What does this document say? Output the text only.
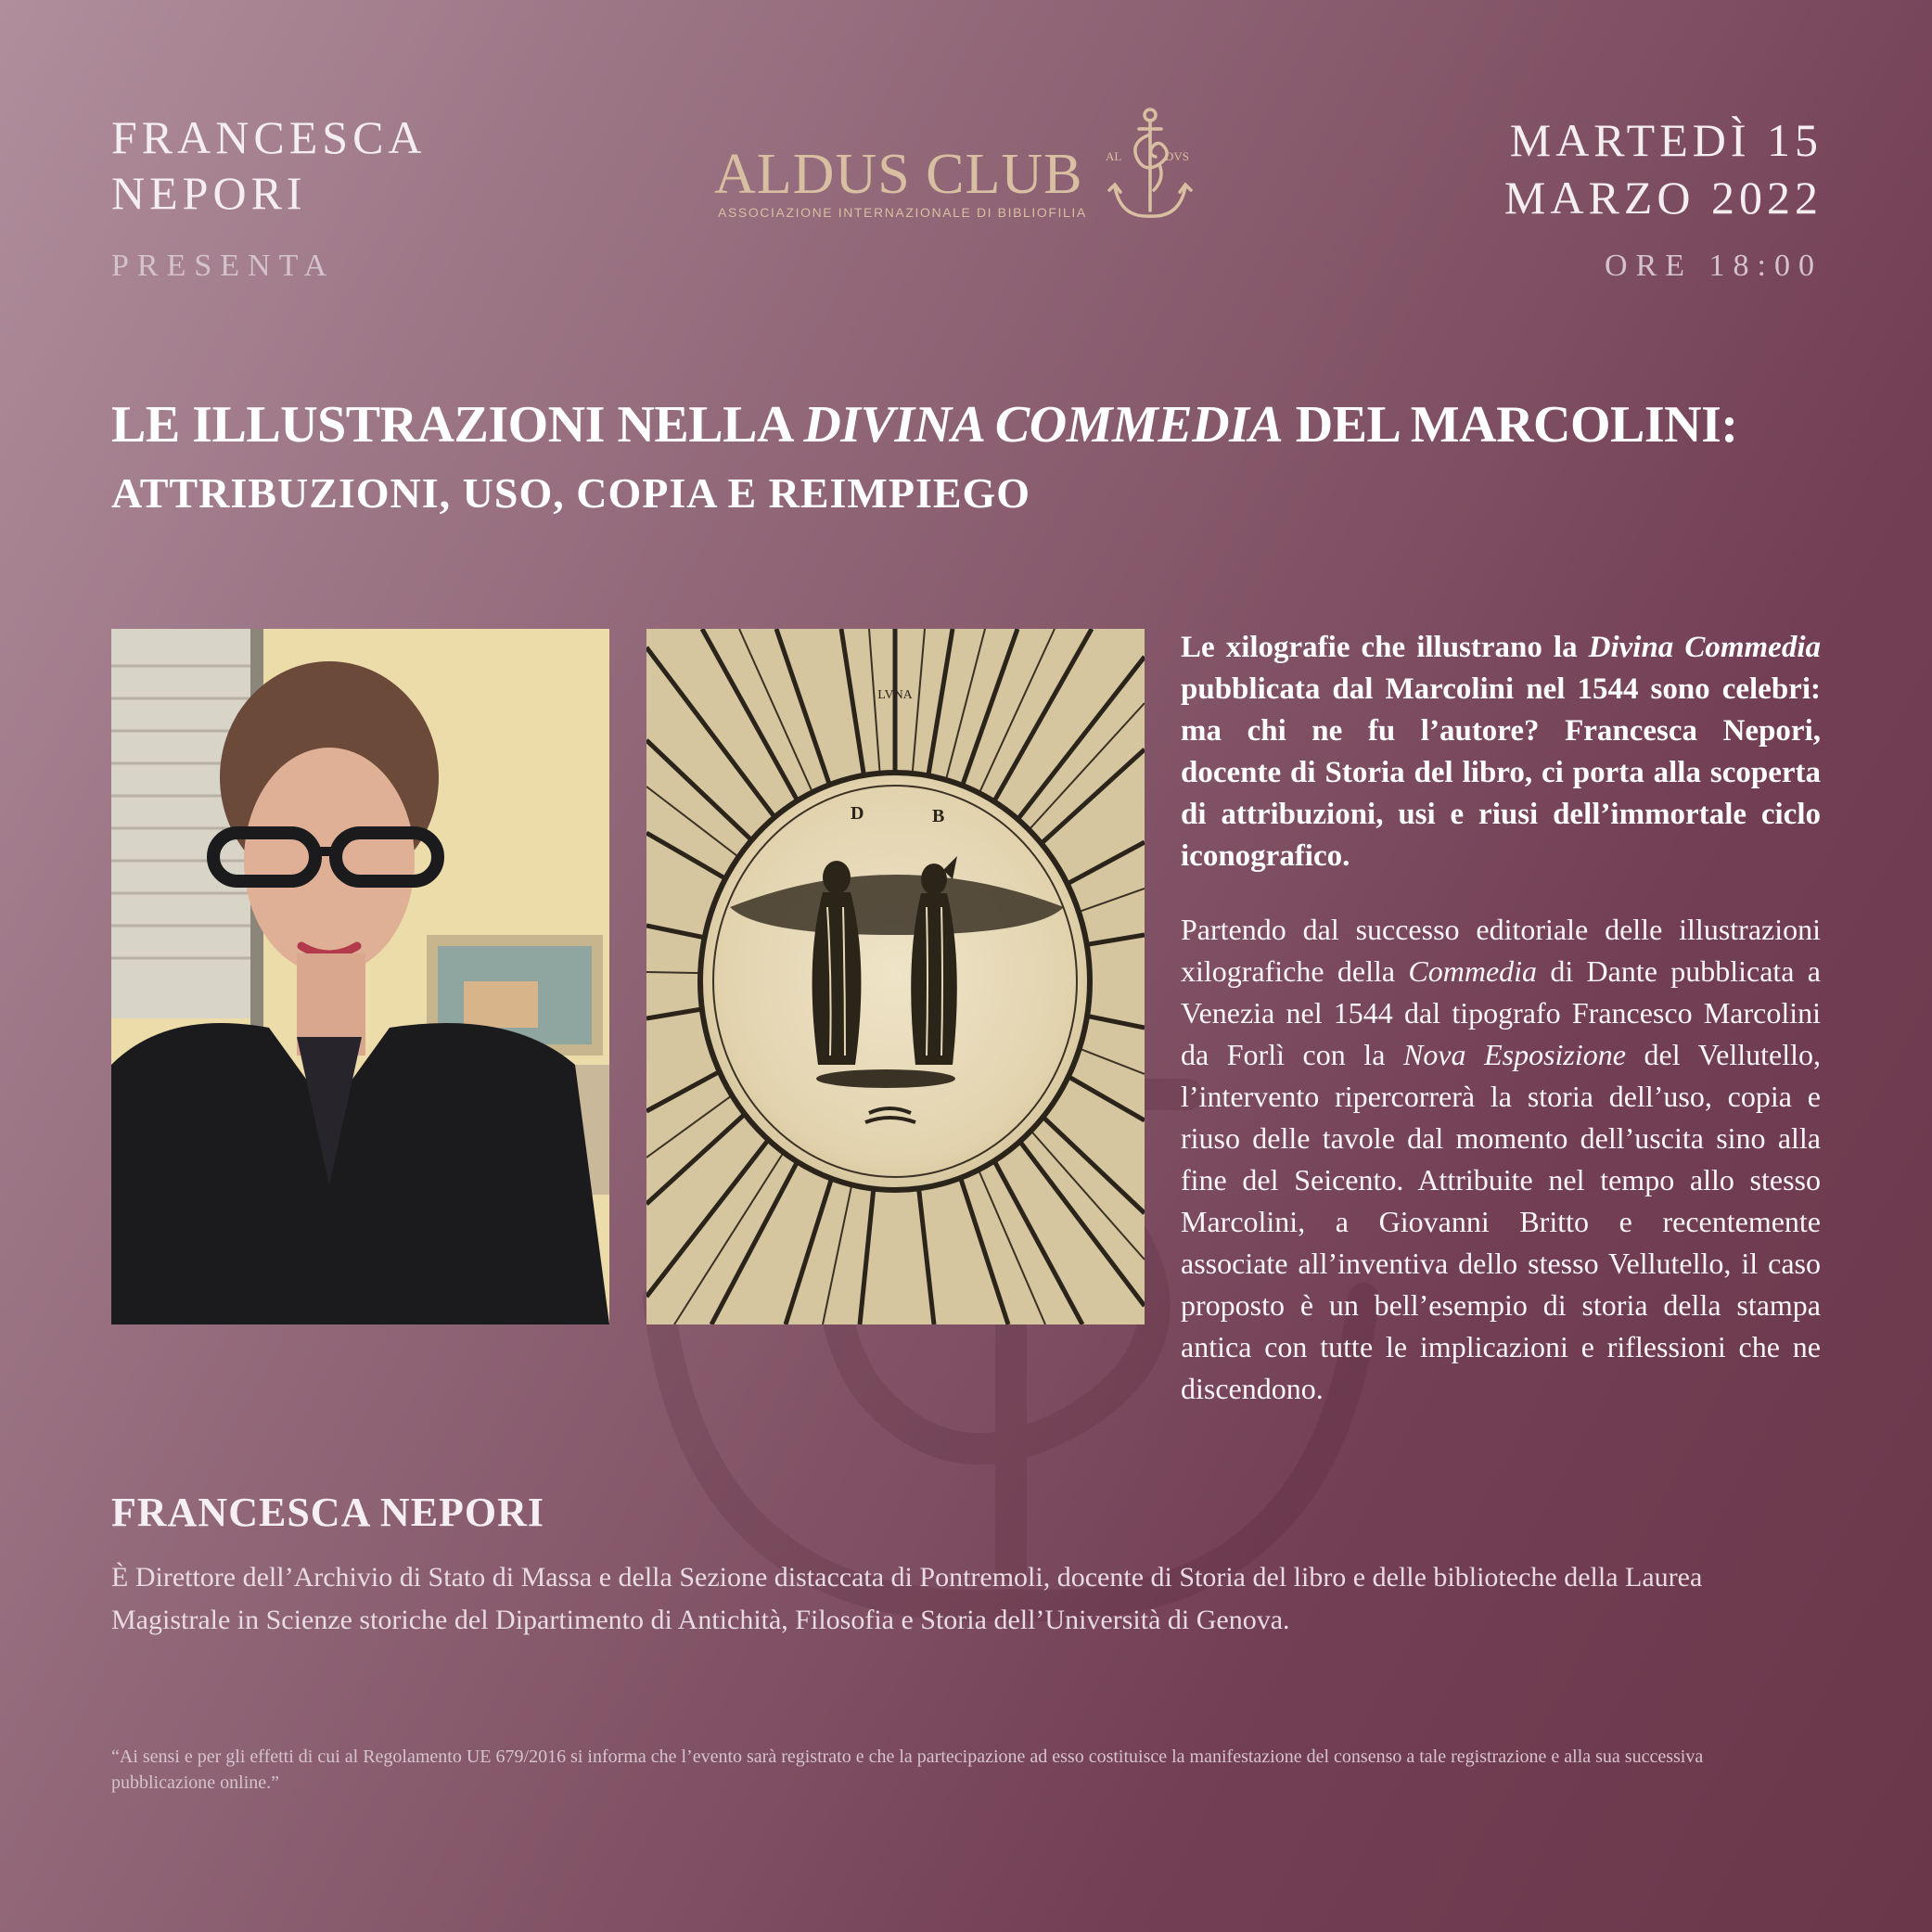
FRANCESCA
NEPORI
PRESENTA
ALDUS CLUB
ASSOCIAZIONE INTERNAZIONALE DI BIBLIOFILIA
AL	DVS	MARTEDÌ 15
MARZO 2022
ORE 18:00
LE ILLUSTRAZIONI NELLA DIVINA COMMEDIA DEL MARCOLINI:
ATTRIBUZIONI, USO, COPIA E REIMPIEGO
LVNA
D	B
Le xilografie che illustrano la Divina Commedia pubblicata dal Marcolini nel 1544 sono celebri: ma chi ne fu l’autore? Francesca Nepori, docente di Storia del libro, ci porta alla scoperta di attribuzioni, usi e riusi dell’immortale ciclo iconografico.
Partendo dal successo editoriale delle illustrazioni xilografiche della Commedia di Dante pubblicata a Venezia nel 1544 dal tipografo Francesco Marcolini da Forlì con la Nova Esposizione del Vellutello, l’intervento ripercorrerà la storia dell’uso, copia e riuso delle tavole dal momento dell’uscita sino alla fine del Seicento. Attribuite nel tempo allo stesso Marcolini, a Giovanni Britto e recentemente associate all’inventiva dello stesso Vellutello, il caso proposto è un bell’esempio di storia della stampa antica con tutte le implicazioni e riflessioni che ne discendono.
FRANCESCA NEPORI
È Direttore dell’Archivio di Stato di Massa e della Sezione distaccata di Pontremoli, docente di Storia del libro e delle biblioteche della Laurea Magistrale in Scienze storiche del Dipartimento di Antichità, Filosofia e Storia dell’Università di Genova.
“Ai sensi e per gli effetti di cui al Regolamento UE 679/2016 si informa che l’evento sarà registrato e che la partecipazione ad esso costituisce la manifestazione del consenso a tale registrazione e alla sua successiva pubblicazione online.”
